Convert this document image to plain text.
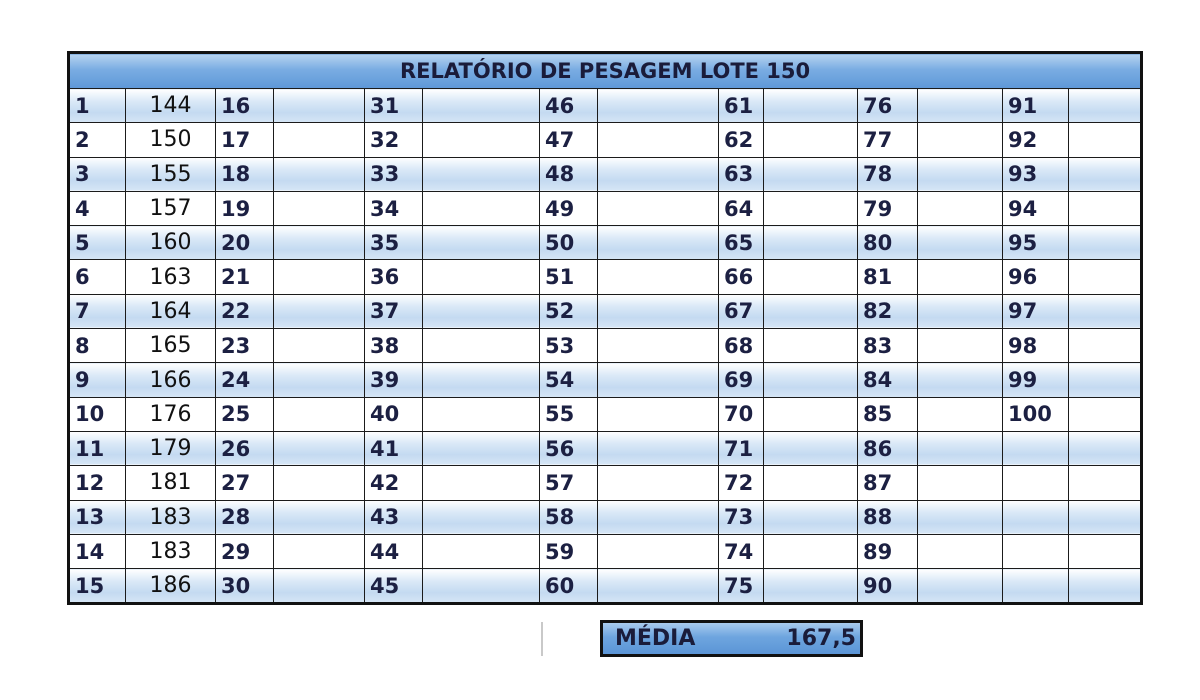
RELATÓRIO DE PESAGEM LOTE 150													
1	144	16		31		46		61		76		91	
2	150	17		32		47		62		77		92	
3	155	18		33		48		63		78		93	
4	157	19		34		49		64		79		94	
5	160	20		35		50		65		80		95	
6	163	21		36		51		66		81		96	
7	164	22		37		52		67		82		97	
8	165	23		38		53		68		83		98	
9	166	24		39		54		69		84		99	
10	176	25		40		55		70		85		100	
11	179	26		41		56		71		86			
12	181	27		42		57		72		87			
13	183	28		43		58		73		88			
14	183	29		44		59		74		89			
15	186	30		45		60		75		90			
MÉDIA	167,5
